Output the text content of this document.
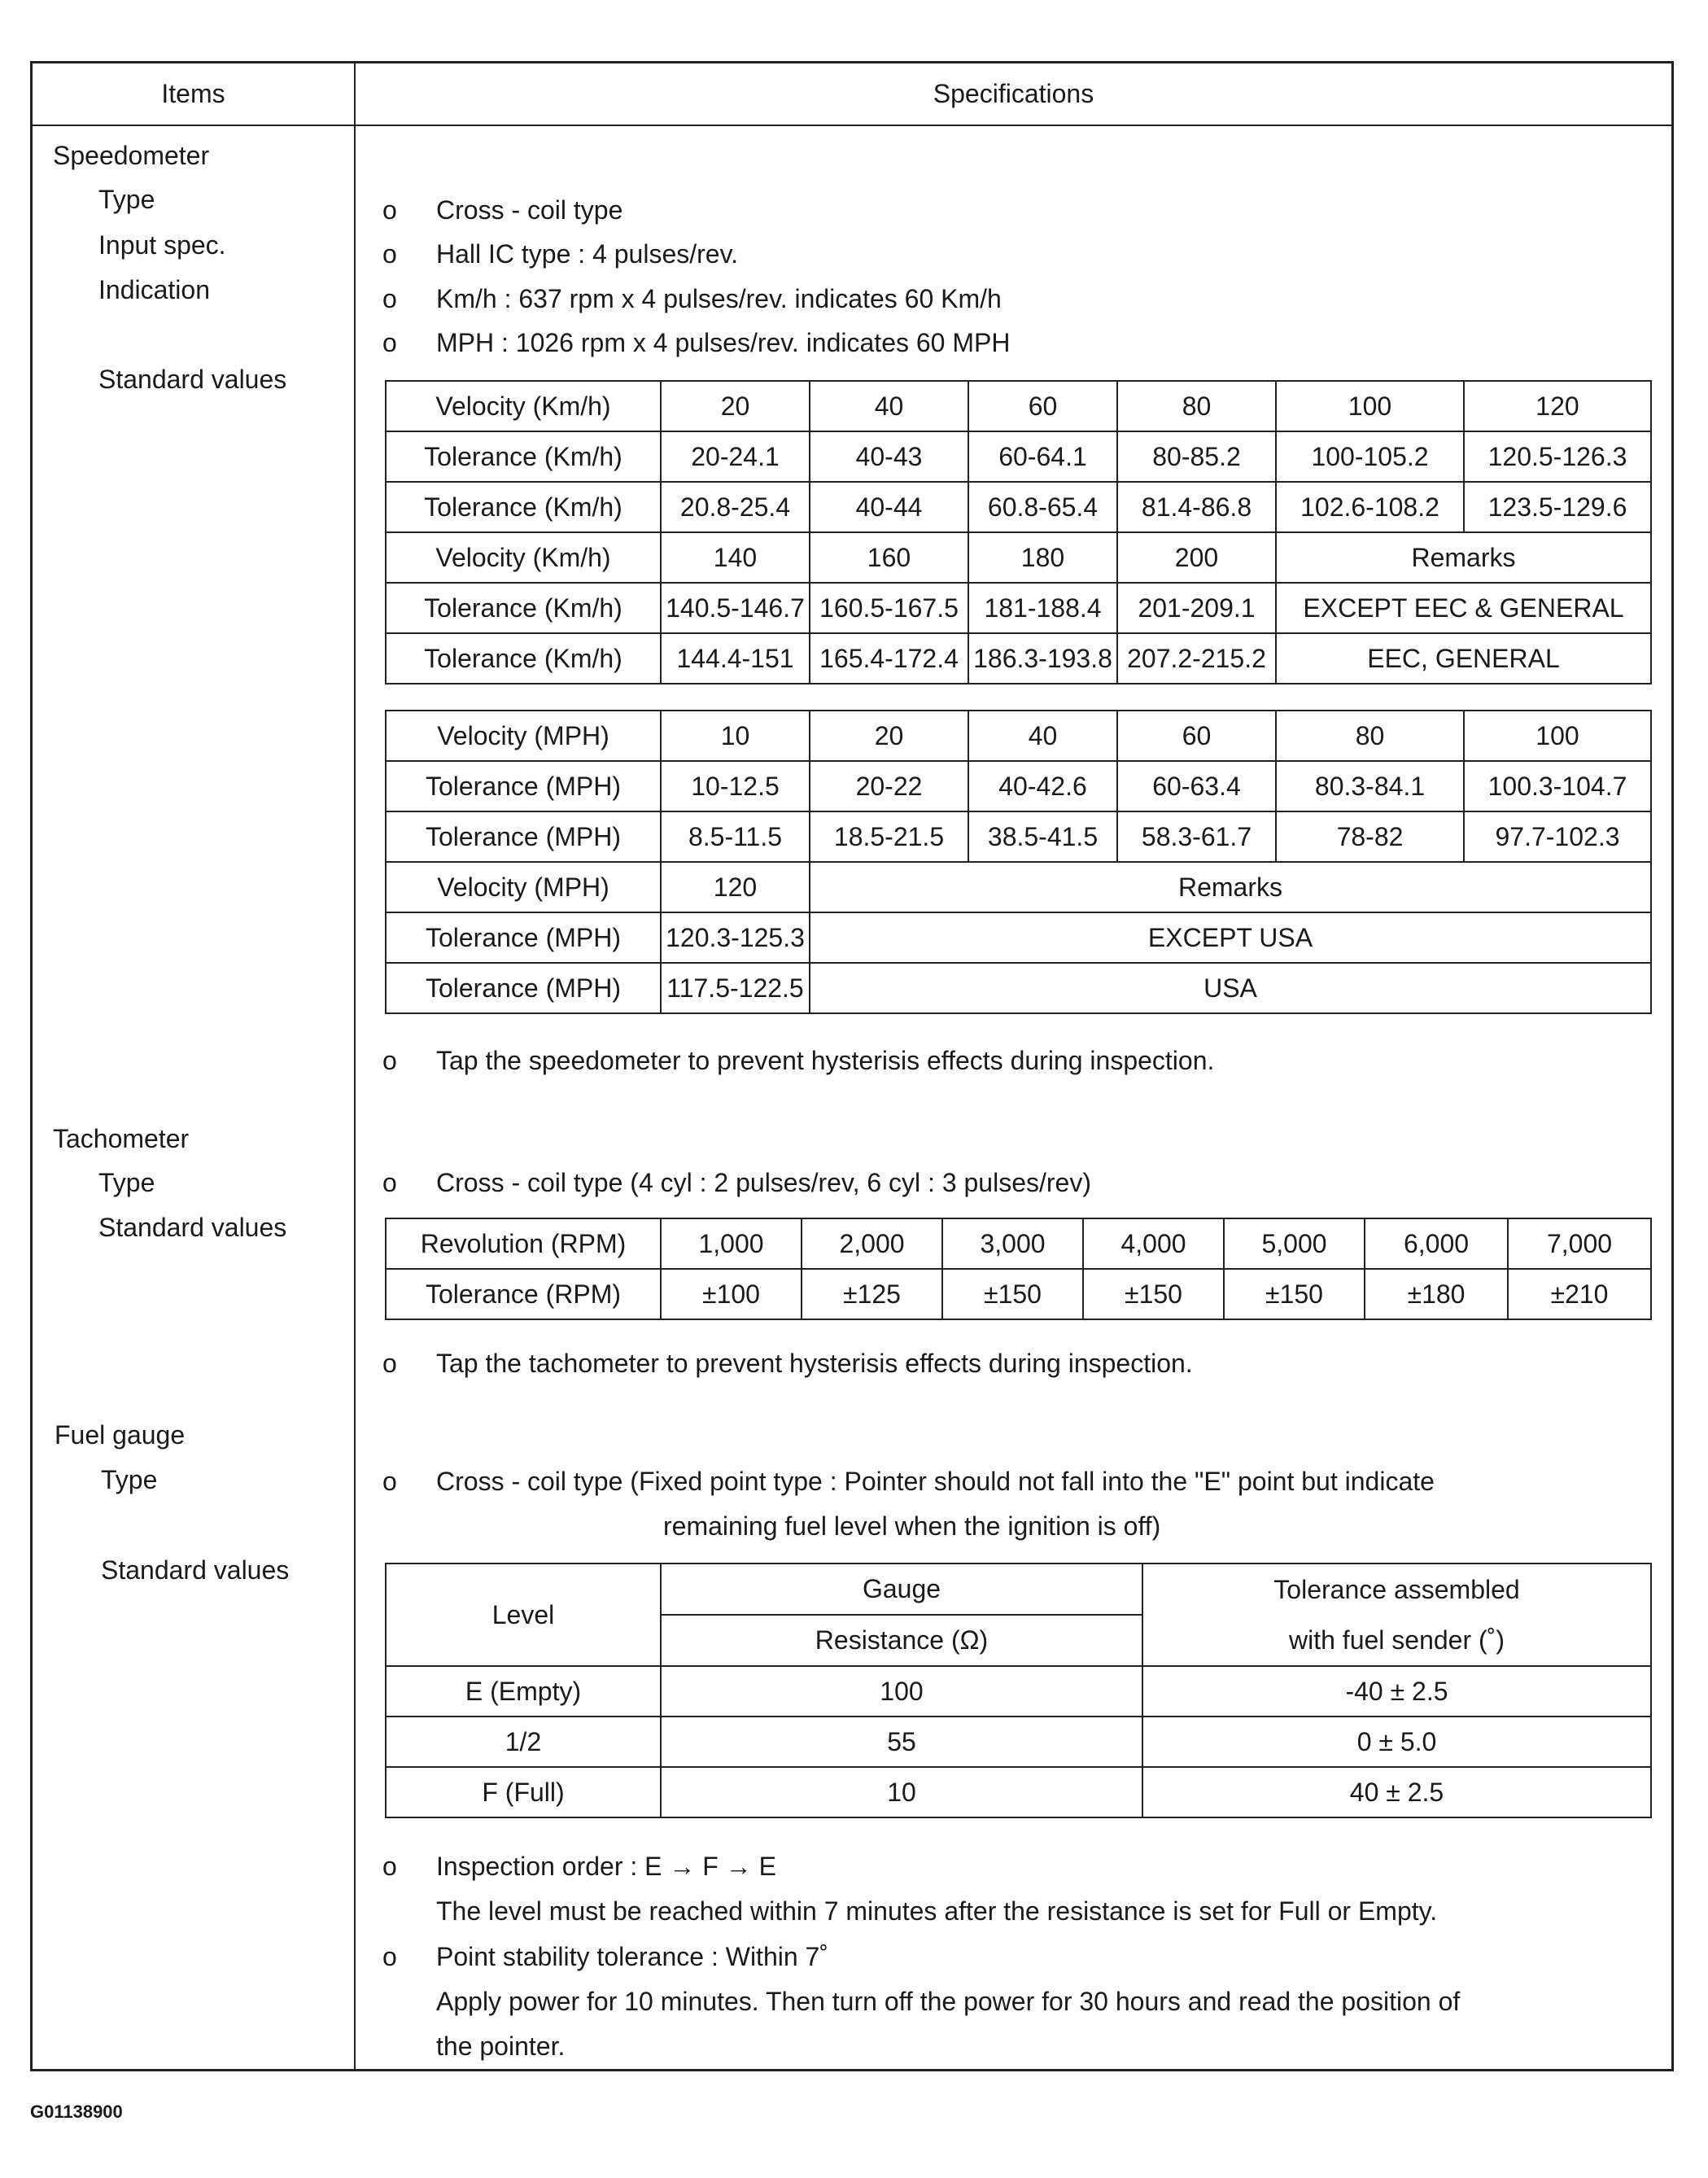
Items	Specifications
Speedometer
Type
Input spec.
Indication
Standard values
o Cross - coil type
o Hall IC type : 4 pulses/rev.
o Km/h : 637 rpm x 4 pulses/rev. indicates 60 Km/h
o MPH : 1026 rpm x 4 pulses/rev. indicates 60 MPH
Velocity (Km/h)	20	40	60	80	100	120
Tolerance (Km/h)	20-24.1	40-43	60-64.1	80-85.2	100-105.2	120.5-126.3
Tolerance (Km/h)	20.8-25.4	40-44	60.8-65.4	81.4-86.8	102.6-108.2	123.5-129.6
Velocity (Km/h)	140	160	180	200	Remarks	
Tolerance (Km/h)	140.5-146.7	160.5-167.5	181-188.4	201-209.1	EXCEPT EEC & GENERAL	
Tolerance (Km/h)	144.4-151	165.4-172.4	186.3-193.8	207.2-215.2	EEC, GENERAL	
Velocity (MPH)	10	20	40	60	80	100
Tolerance (MPH)	10-12.5	20-22	40-42.6	60-63.4	80.3-84.1	100.3-104.7
Tolerance (MPH)	8.5-11.5	18.5-21.5	38.5-41.5	58.3-61.7	78-82	97.7-102.3
Velocity (MPH)	120	Remarks				
Tolerance (MPH)	120.3-125.3	EXCEPT USA				
Tolerance (MPH)	117.5-122.5	USA				
o Tap the speedometer to prevent hysterisis effects during inspection.
Tachometer
Type
Standard values
o Cross - coil type (4 cyl : 2 pulses/rev, 6 cyl : 3 pulses/rev)
Revolution (RPM)	1,000	2,000	3,000	4,000	5,000	6,000	7,000
Tolerance (RPM)	±100	±125	±150	±150	±150	±180	±210
o Tap the tachometer to prevent hysterisis effects during inspection.
Fuel gauge
Type
Standard values
o Cross - coil type (Fixed point type : Pointer should not fall into the "E" point but indicate
remaining fuel level when the ignition is off)
Level	Gauge	Tolerance assembled
with fuel sender (˚)
	Resistance (Ω)	
E (Empty)	100	-40 ± 2.5
1/2	55	0 ± 5.0
F (Full)	10	40 ± 2.5
o Inspection order : E → F → E
The level must be reached within 7 minutes after the resistance is set for Full or Empty.
o Point stability tolerance : Within 7˚
Apply power for 10 minutes. Then turn off the power for 30 hours and read the position of
the pointer.
G01138900
